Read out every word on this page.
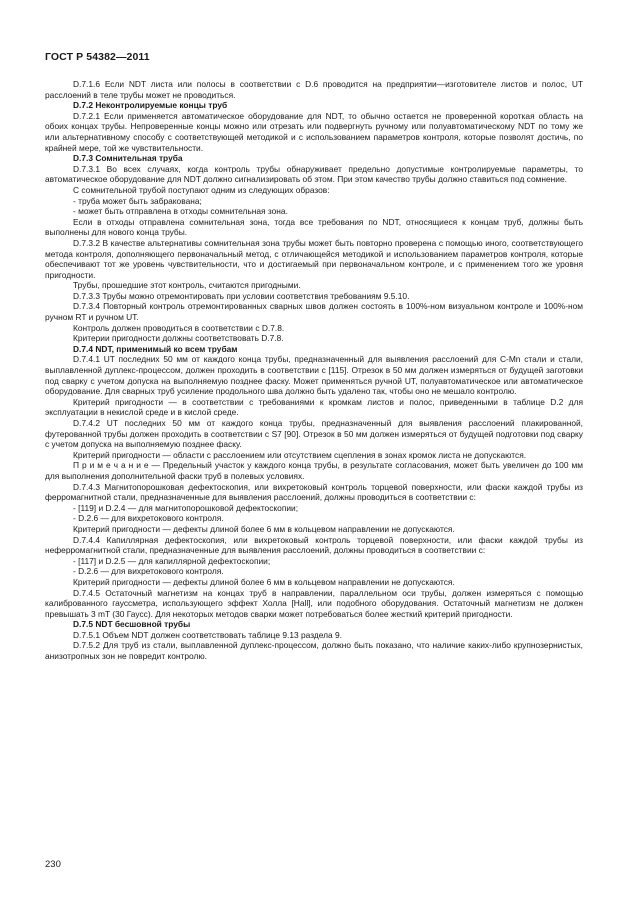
ГОСТ Р 54382—2011

D.7.1.6 Если NDT листа или полосы в соответствии с D.6 проводится на предприятии—изготовителе листов и полос, UT расслоений в теле трубы может не проводиться.

D.7.2 Неконтролируемые концы труб

D.7.2.1 Если применяется автоматическое оборудование для NDT, то обычно остается не проверенной короткая область на обоих концах трубы. Непроверенные концы можно или отрезать или подвергнуть ручному или полуавтоматическому NDT по тому же или альтернативному способу с соответствующей методикой и с использованием параметров контроля, которые позволят достичь, по крайней мере, той же чувствительности.

D.7.3 Сомнительная труба

D.7.3.1 Во всех случаях, когда контроль трубы обнаруживает предельно допустимые контролируемые параметры, то автоматическое оборудование для NDT должно сигнализировать об этом. При этом качество трубы должно ставиться под сомнение.

С сомнительной трубой поступают одним из следующих образов:

- труба может быть забракована;

- может быть отправлена в отходы сомнительная зона.

Если в отходы отправлена сомнительная зона, тогда все требования по NDT, относящиеся к концам труб, должны быть выполнены для нового конца трубы.

D.7.3.2 В качестве альтернативы сомнительная зона трубы может быть повторно проверена с помощью иного, соответствующего метода контроля, дополняющего первоначальный метод, с отличающейся методикой и использованием параметров контроля, которые обеспечивают тот же уровень чувствительности, что и достигаемый при первоначальном контроле, и с применением того же уровня пригодности.

Трубы, прошедшие этот контроль, считаются пригодными.

D.7.3.3 Трубы можно отремонтировать при условии соответствия требованиям 9.5.10.

D.7.3.4 Повторный контроль отремонтированных сварных швов должен состоять в 100%-ном визуальном контроле и 100%-ном ручном RT и ручном UT.

Контроль должен проводиться в соответствии с D.7.8.

Критерии пригодности должны соответствовать D.7.8.

D.7.4 NDT, применимый ко всем трубам

D.7.4.1 UT последних 50 мм от каждого конца трубы, предназначенный для выявления расслоений для C-Mn стали и стали, выплавленной дуплекс-процессом, должен проходить в соответствии с [115]. Отрезок в 50 мм должен измеряться от будущей заготовки под сварку с учетом допуска на выполняемую позднее фаску. Может применяться ручной UT, полуавтоматическое или автоматическое оборудование. Для сварных труб усиление продольного шва должно быть удалено так, чтобы оно не мешало контролю.

Критерий пригодности — в соответствии с требованиями к кромкам листов и полос, приведенными в таблице D.2 для эксплуатации в некислой среде и в кислой среде.

D.7.4.2 UT последних 50 мм от каждого конца трубы, предназначенный для выявления расслоений плакированной, футерованной трубы должен проходить в соответствии с S7 [90]. Отрезок в 50 мм должен измеряться от будущей подготовки под сварку с учетом допуска на выполняемую позднее фаску.

Критерий пригодности — области с расслоением или отсутствием сцепления в зонах кромок листа не допускаются.

П р и м е ч а н и е — Предельный участок у каждого конца трубы, в результате согласования, может быть увеличен до 100 мм для выполнения дополнительной фаски труб в полевых условиях.

D.7.4.3 Магнитопорошковая дефектоскопия, или вихретоковый контроль торцевой поверхности, или фаски каждой трубы из ферромагнитной стали, предназначенные для выявления расслоений, должны проводиться в соответствии с:

- [119] и D.2.4 — для магнитопорошковой дефектоскопии;

- D.2.6 — для вихретокового контроля.

Критерий пригодности — дефекты длиной более 6 мм в кольцевом направлении не допускаются.

D.7.4.4 Капиллярная дефектоскопия, или вихретоковый контроль торцевой поверхности, или фаски каждой трубы из неферромагнитной стали, предназначенные для выявления расслоений, должны проводиться в соответствии с:

- [117] и D.2.5 — для капиллярной дефектоскопии;

- D.2.6 — для вихретокового контроля.

Критерий пригодности — дефекты длиной более 6 мм в кольцевом направлении не допускаются.

D.7.4.5 Остаточный магнетизм на концах труб в направлении, параллельном оси трубы, должен измеряться с помощью калиброванного гауссметра, использующего эффект Холла [Hall], или подобного оборудования. Остаточный магнетизм не должен превышать 3 mT (30 Гаусс). Для некоторых методов сварки может потребоваться более жесткий критерий пригодности.

D.7.5 NDT бесшовной трубы

D.7.5.1 Объем NDT должен соответствовать таблице 9.13 раздела 9.

D.7.5.2 Для труб из стали, выплавленной дуплекс-процессом, должно быть показано, что наличие каких-либо крупнозернистых, анизотропных зон не повредит контролю.

230
